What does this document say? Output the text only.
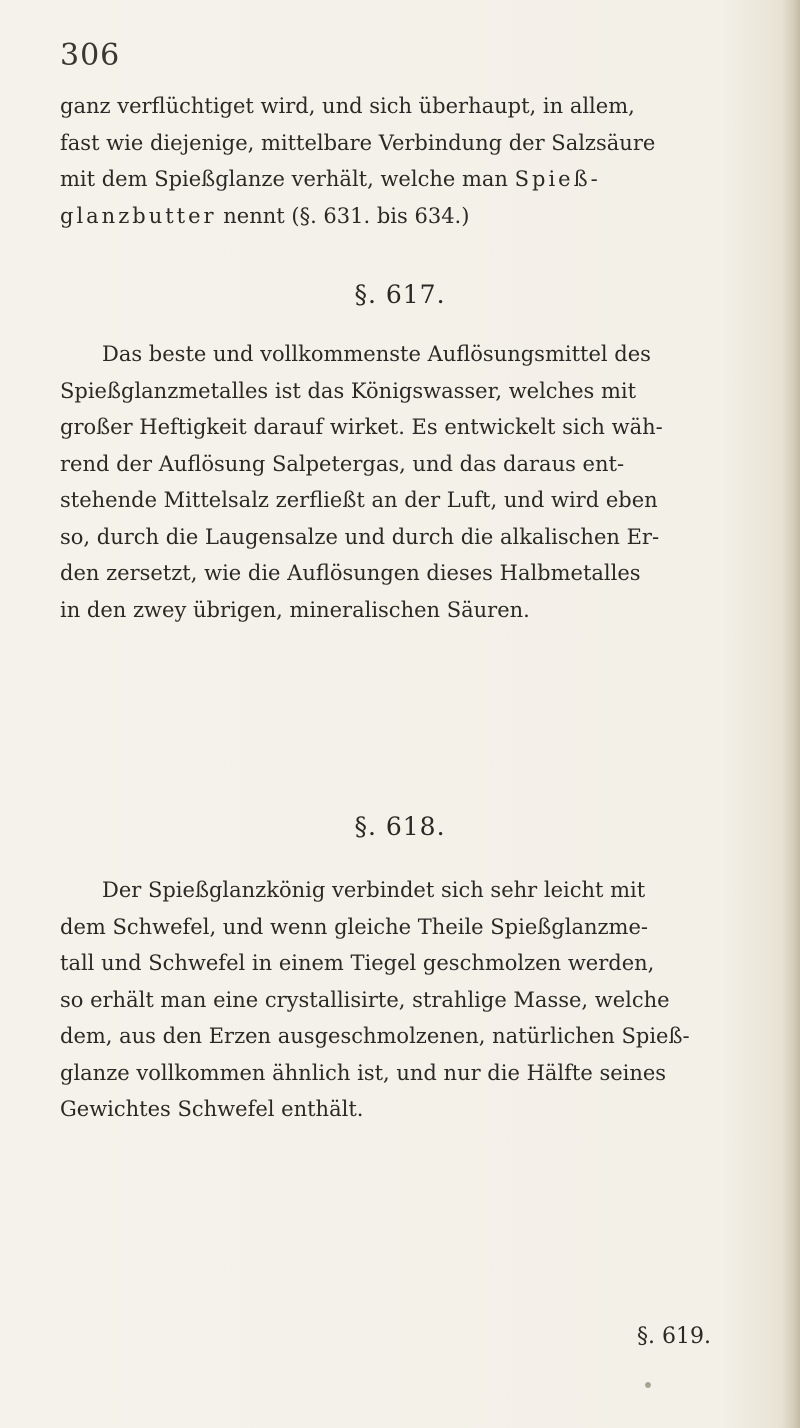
306
ganz verflüchtiget wird, und sich überhaupt, in allem,
fast wie diejenige, mittelbare Verbindung der Salzsäure
mit dem Spießglanze verhält, welche man Spieß-
glanzbutter nennt (§. 631. bis 634.)
§. 617.
Das beste und vollkommenste Auflösungsmittel des
Spießglanzmetalles ist das Königswasser, welches mit
großer Heftigkeit darauf wirket. Es entwickelt sich wäh-
rend der Auflösung Salpetergas, und das daraus ent-
stehende Mittelsalz zerfließt an der Luft, und wird eben
so, durch die Laugensalze und durch die alkalischen Er-
den zersetzt, wie die Auflösungen dieses Halbmetalles
in den zwey übrigen, mineralischen Säuren.
§. 618.
Der Spießglanzkönig verbindet sich sehr leicht mit
dem Schwefel, und wenn gleiche Theile Spießglanzme-
tall und Schwefel in einem Tiegel geschmolzen werden,
so erhält man eine crystallisirte, strahlige Masse, welche
dem, aus den Erzen ausgeschmolzenen, natürlichen Spieß-
glanze vollkommen ähnlich ist, und nur die Hälfte seines
Gewichtes Schwefel enthält.
§. 619.
